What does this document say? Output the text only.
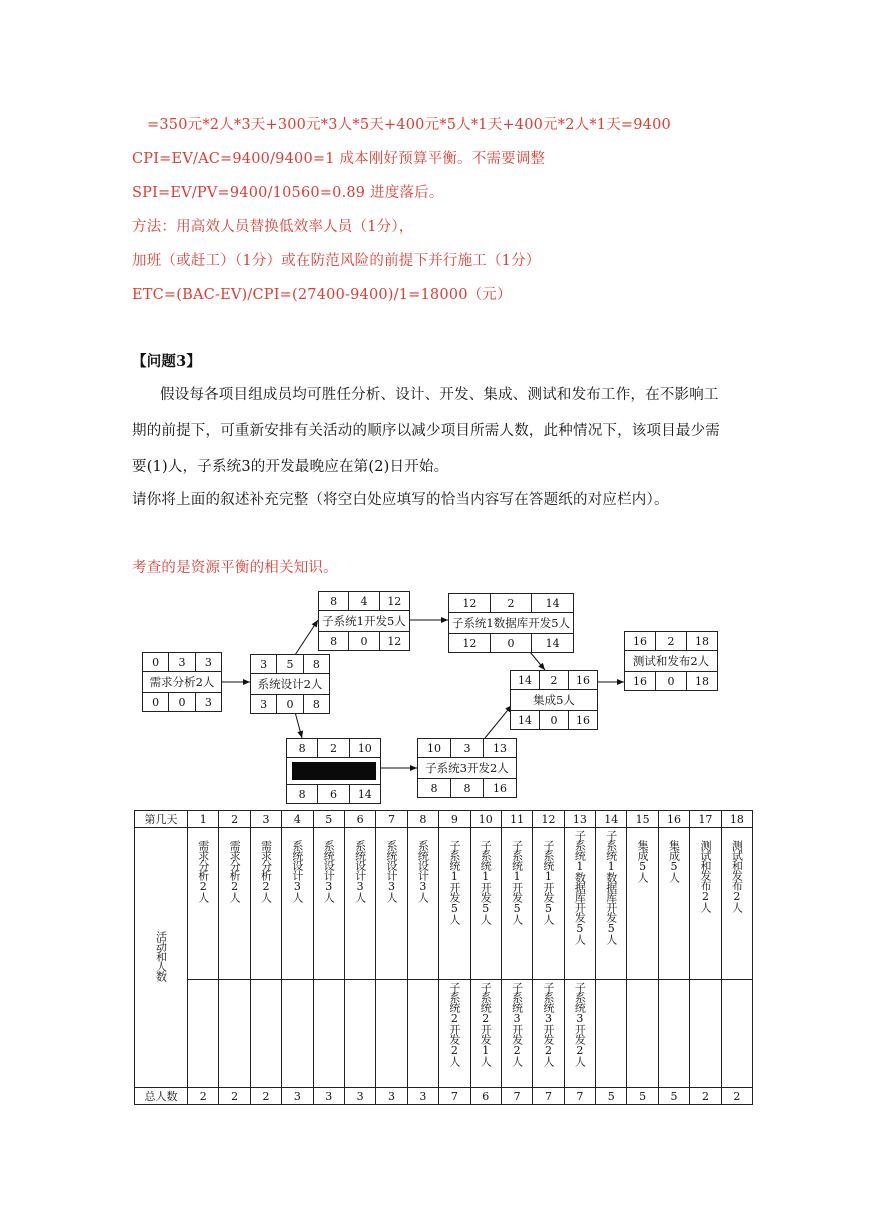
=350元*2人*3天+300元*3人*5天+400元*5人*1天+400元*2人*1天=9400
CPI=EV/AC=9400/9400=1 成本刚好预算平衡。不需要调整
SPI=EV/PV=9400/10560=0.89 进度落后。
方法：用高效人员替换低效率人员（1分），
加班（或赶工）（1分）或在防范风险的前提下并行施工（1分）
ETC=(BAC-EV)/CPI=(27400-9400)/1=18000（元）
【问题3】
假设每各项目组成员均可胜任分析、设计、开发、集成、测试和发布工作，在不影响工
期的前提下，可重新安排有关活动的顺序以减少项目所需人数，此种情况下，该项目最少需
要(1)人，子系统3的开发最晚应在第(2)日开始。
请你将上面的叙述补充完整（将空白处应填写的恰当内容写在答题纸的对应栏内）。
考查的是资源平衡的相关知识。
0	3	3
需求分析2人
0	0	3
3	5	8
系统设计2人
3	0	8
8	4	12
子系统1开发5人
8	0	12
12	2	14
子系统1数据库开发5人
12	0	14
14	2	16
集成5人
14	0	16
16	2	18
测试和发布2人
16	0	18
8	2	10
8	6	14
10	3	13
子系统3开发2人
8	8	16
第几天	1	2	3	4	5	6	7	8	9	10	11	12	13	14	15	16	17	18
活动和人数	需求分析2人	需求分析2人	需求分析2人	系统设计3人	系统设计3人	系统设计3人	系统设计3人	系统设计3人	子系统1开发5人	子系统1开发5人	子系统1开发5人	子系统1开发5人	子系统1数据库开发5人	子系统1数据库开发5人	集成5人	集成5人	测试和发布2人	测试和发布2人
									子系统2开发2人	子系统2开发1人	子系统3开发2人	子系统3开发2人	子系统3开发2人					
总人数	2	2	2	3	3	3	3	3	7	6	7	7	7	5	5	5	2	2
